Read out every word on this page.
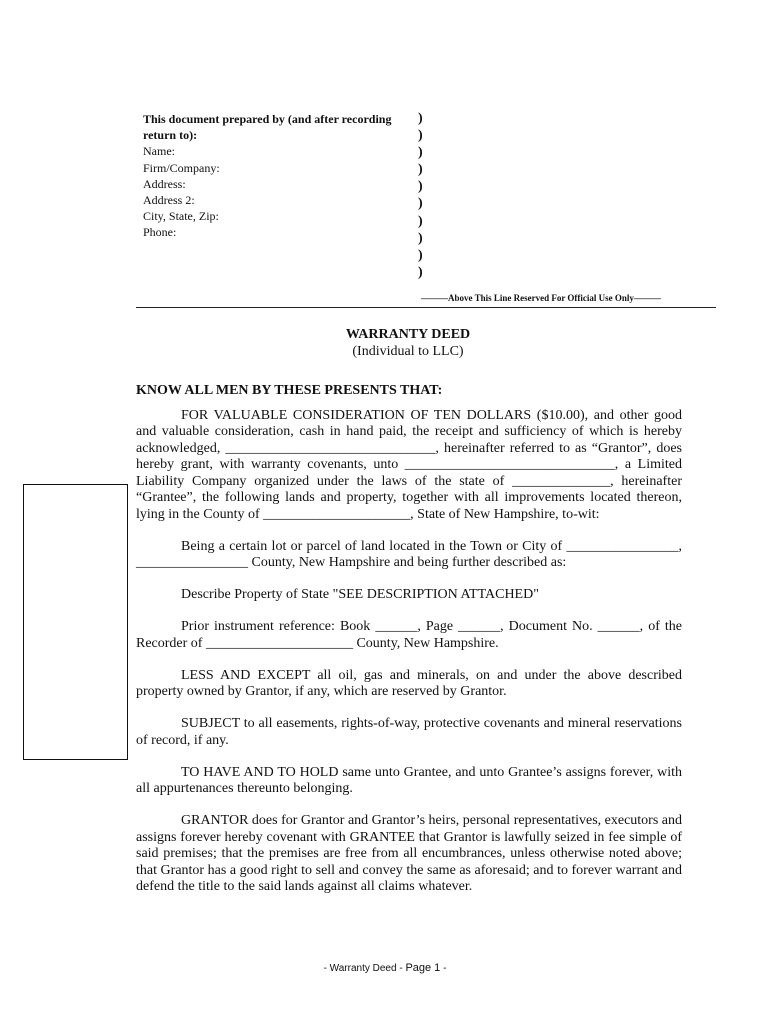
This document prepared by (and after recording
return to):
Name:
Firm/Company:
Address:
Address 2:
City, State, Zip:
Phone:
)
)
)
)
)
)
)
)
)
)
———Above This Line Reserved For Official Use Only———
WARRANTY DEED
(Individual to LLC)

KNOW ALL MEN BY THESE PRESENTS THAT:

FOR VALUABLE CONSIDERATION OF TEN DOLLARS ($10.00), and other good and valuable consideration, cash in hand paid, the receipt and sufficiency of which is hereby acknowledged, ______________________________, hereinafter referred to as “Grantor”, does hereby grant, with warranty covenants, unto ______________________________, a Limited Liability Company organized under the laws of the state of ______________, hereinafter “Grantee”, the following lands and property, together with all improvements located thereon, lying in the County of _____________________, State of New Hampshire, to-wit:

Being a certain lot or parcel of land located in the Town or City of ________________, ________________ County, New Hampshire and being further described as:

Describe Property of State "SEE DESCRIPTION ATTACHED"

Prior instrument reference: Book ______, Page ______, Document No. ______, of the Recorder of _____________________ County, New Hampshire.

LESS AND EXCEPT all oil, gas and minerals, on and under the above described property owned by Grantor, if any, which are reserved by Grantor.

SUBJECT to all easements, rights-of-way, protective covenants and mineral reservations of record, if any.

TO HAVE AND TO HOLD same unto Grantee, and unto Grantee’s assigns forever, with all appurtenances thereunto belonging.

GRANTOR does for Grantor and Grantor’s heirs, personal representatives, executors and assigns forever hereby covenant with GRANTEE that Grantor is lawfully seized in fee simple of said premises; that the premises are free from all encumbrances, unless otherwise noted above; that Grantor has a good right to sell and convey the same as aforesaid; and to forever warrant and defend the title to the said lands against all claims whatever.

- Warranty Deed - Page 1 -
